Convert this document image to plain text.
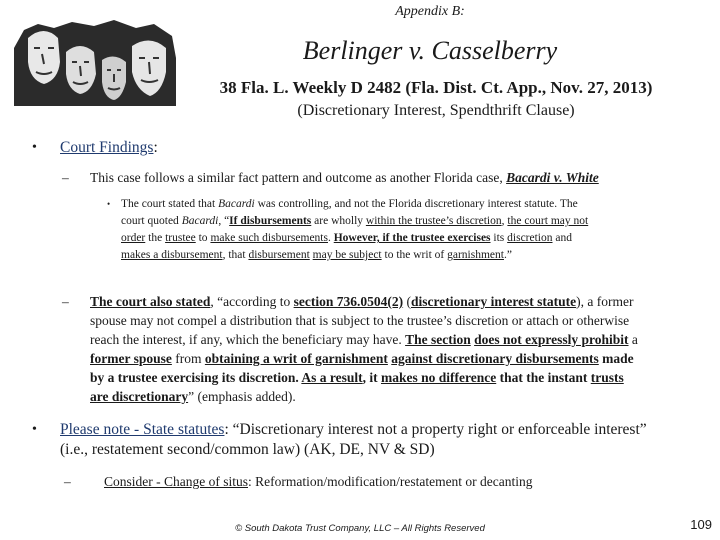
Appendix B:
Berlinger v. Casselberry
38 Fla. L. Weekly D 2482 (Fla. Dist. Ct. App., Nov. 27, 2013)
(Discretionary Interest, Spendthrift Clause)
• Court Findings:
– This case follows a similar fact pattern and outcome as another Florida case, Bacardi v. White
• The court stated that Bacardi was controlling, and not the Florida discretionary interest statute. The court quoted Bacardi, “If disbursements are wholly within the trustee’s discretion, the court may not order the trustee to make such disbursements. However, if the trustee exercises its discretion and makes a disbursement, that disbursement may be subject to the writ of garnishment.”
– The court also stated, “according to section 736.0504(2) (discretionary interest statute), a former spouse may not compel a distribution that is subject to the trustee’s discretion or attach or otherwise reach the interest, if any, which the beneficiary may have. The section does not expressly prohibit a former spouse from obtaining a writ of garnishment against discretionary disbursements made by a trustee exercising its discretion. As a result, it makes no difference that the instant trusts are discretionary” (emphasis added).
• Please note - State statutes: “Discretionary interest not a property right or enforceable interest” (i.e., restatement second/common law) (AK, DE, NV & SD)
– Consider - Change of situs: Reformation/modification/restatement or decanting
© South Dakota Trust Company, LLC – All Rights Reserved	109
